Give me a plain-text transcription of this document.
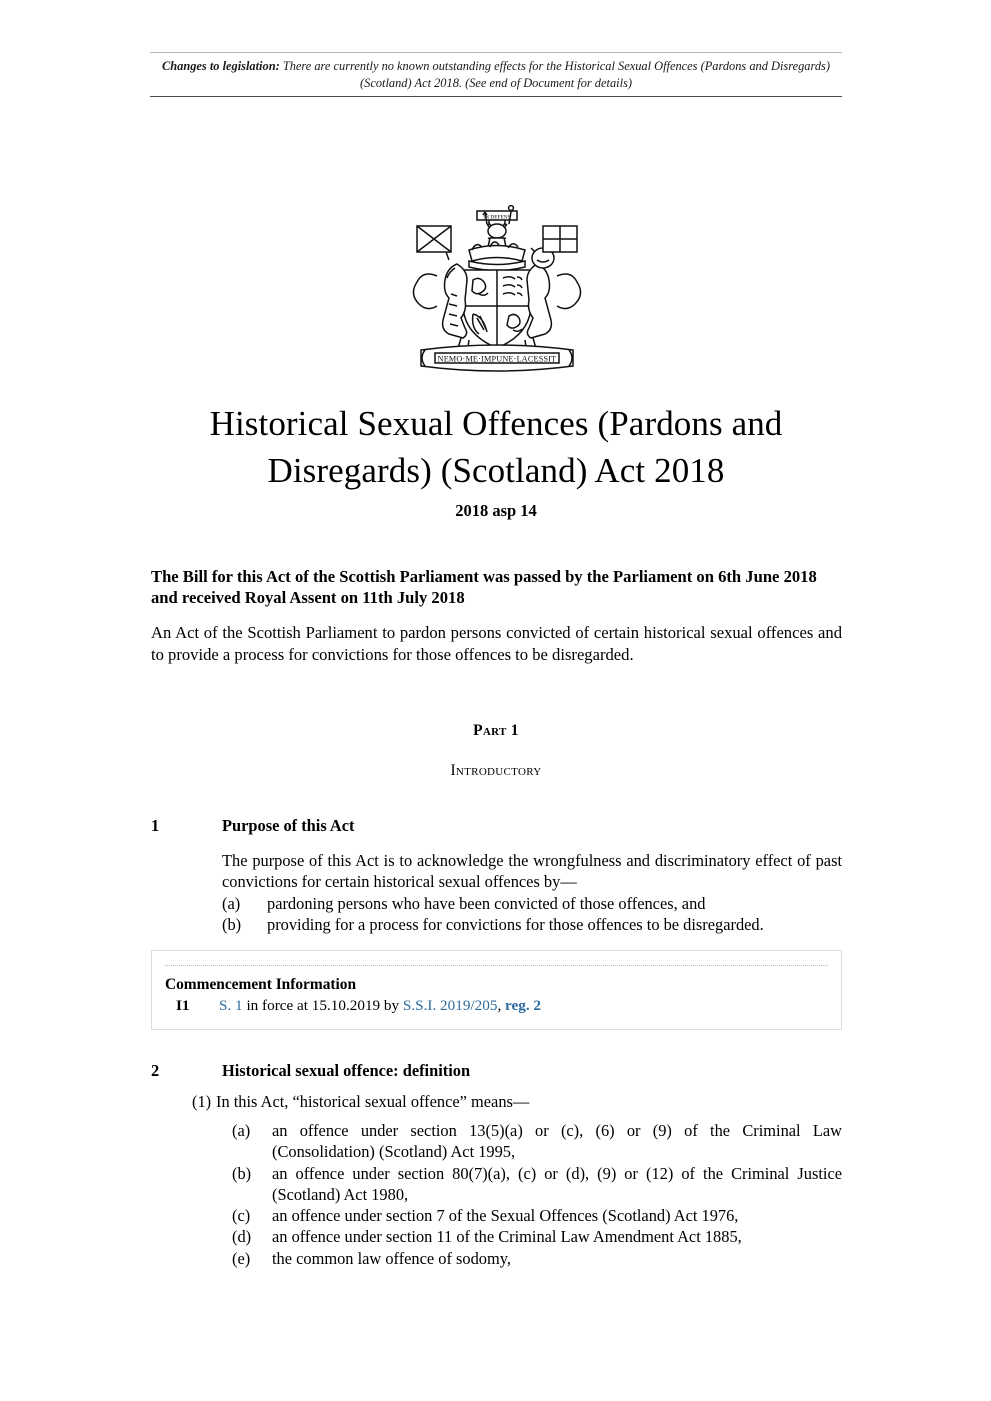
Changes to legislation: There are currently no known outstanding effects for the Historical Sexual Offences (Pardons and Disregards) (Scotland) Act 2018. (See end of Document for details)
NEMO·ME·IMPUNE·LACESSIT
IN DEFENS
Historical Sexual Offences (Pardons and Disregards) (Scotland) Act 2018
2018 asp 14
The Bill for this Act of the Scottish Parliament was passed by the Parliament on 6th June 2018 and received Royal Assent on 11th July 2018
An Act of the Scottish Parliament to pardon persons convicted of certain historical sexual offences and to provide a process for convictions for those offences to be disregarded.
Part 1
Introductory
1	Purpose of this Act
The purpose of this Act is to acknowledge the wrongfulness and discriminatory effect of past convictions for certain historical sexual offences by—
(a)	pardoning persons who have been convicted of those offences, and
(b)	providing for a process for convictions for those offences to be disregarded.
Commencement Information
I1 S. 1 in force at 15.10.2019 by S.S.I. 2019/205, reg. 2
2	Historical sexual offence: definition
(1) In this Act, “historical sexual offence” means—
(a)	an offence under section 13(5)(a) or (c), (6) or (9) of the Criminal Law (Consolidation) (Scotland) Act 1995,
(b)	an offence under section 80(7)(a), (c) or (d), (9) or (12) of the Criminal Justice (Scotland) Act 1980,
(c)	an offence under section 7 of the Sexual Offences (Scotland) Act 1976,
(d)	an offence under section 11 of the Criminal Law Amendment Act 1885,
(e)	the common law offence of sodomy,
